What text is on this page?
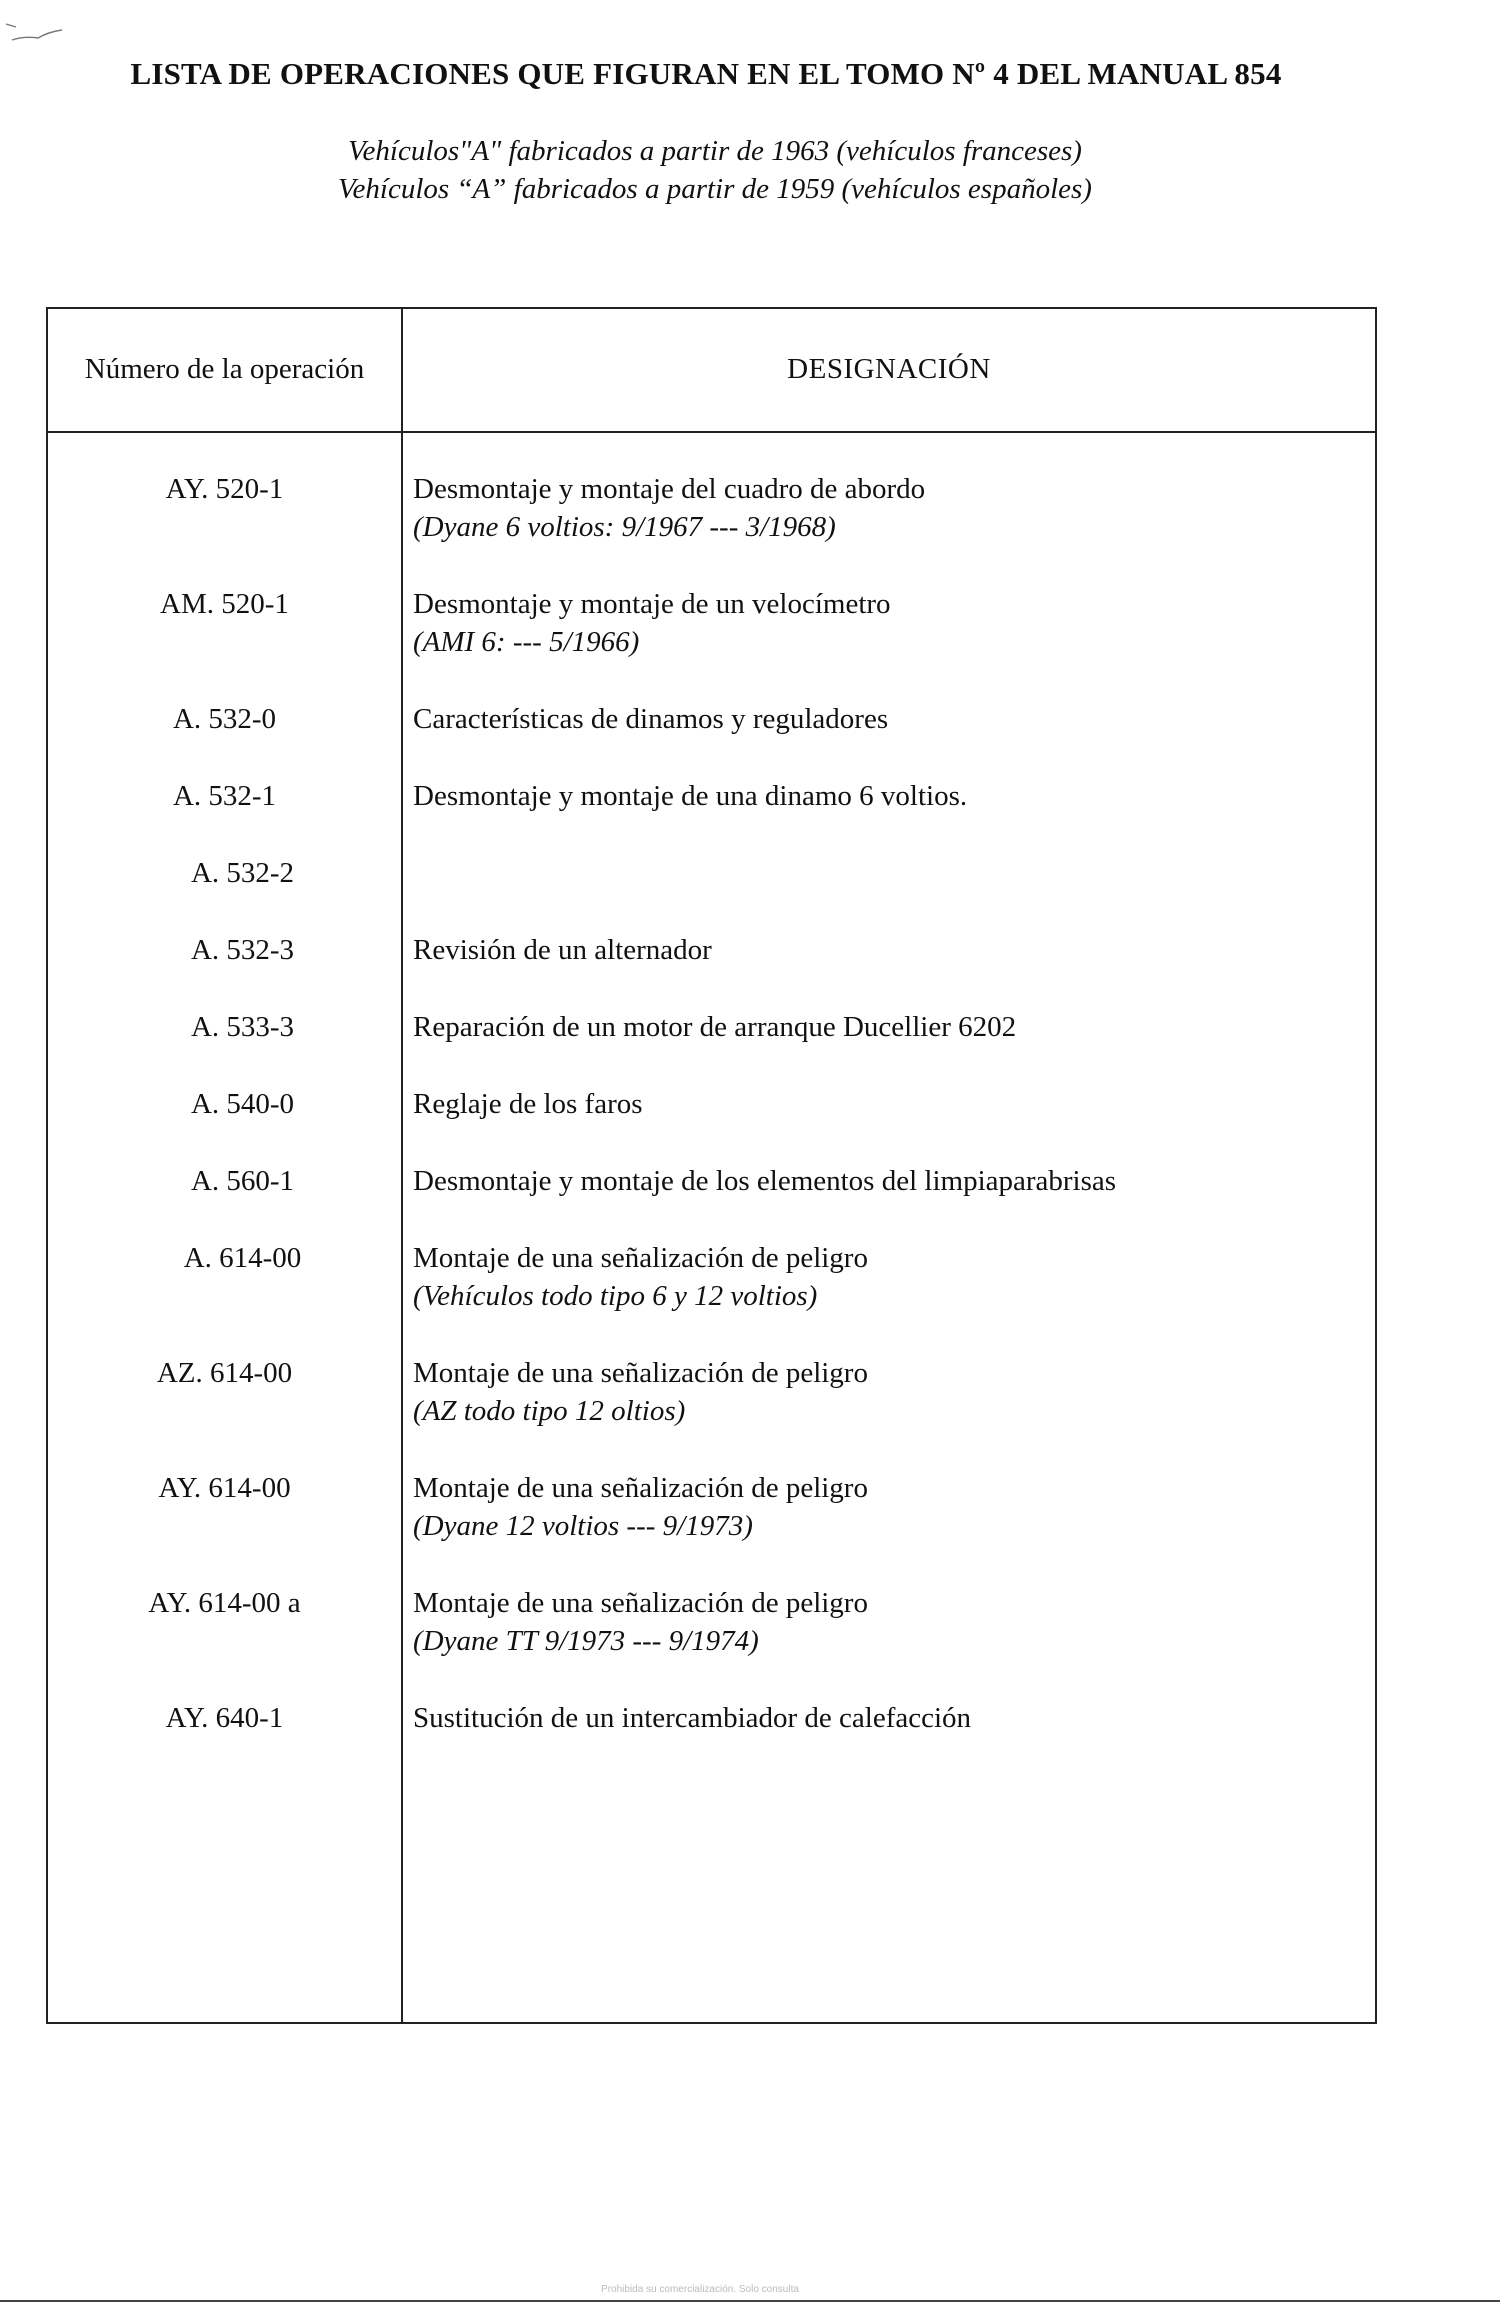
LISTA DE OPERACIONES QUE FIGURAN EN EL TOMO Nº 4 DEL MANUAL 854
Vehículos"A" fabricados a partir de 1963 (vehículos franceses)
Vehículos “A” fabricados a partir de 1959 (vehículos españoles)
Número de la operación	DESIGNACIÓN
AY. 520-1	Desmontaje y montaje del cuadro de abordo
(Dyane 6 voltios: 9/1967 --- 3/1968)
AM. 520-1	Desmontaje y montaje de un velocímetro
(AMI 6: --- 5/1966)
A. 532-0	Características de dinamos y reguladores
A. 532-1	Desmontaje y montaje de una dinamo 6 voltios.
A. 532-2
A. 532-3	Revisión de un alternador
A. 533-3	Reparación de un motor de arranque Ducellier 6202
A. 540-0	Reglaje de los faros
A. 560-1	Desmontaje y montaje de los elementos del limpiaparabrisas
A. 614-00	Montaje de una señalización de peligro
(Vehículos todo tipo 6 y 12 voltios)
AZ. 614-00	Montaje de una señalización de peligro
(AZ todo tipo 12 oltios)
AY. 614-00	Montaje de una señalización de peligro
(Dyane 12 voltios --- 9/1973)
AY. 614-00 a	Montaje de una señalización de peligro
(Dyane TT 9/1973 --- 9/1974)
AY. 640-1	Sustitución de un intercambiador de calefacción
Prohibida su comercialización. Solo consulta
